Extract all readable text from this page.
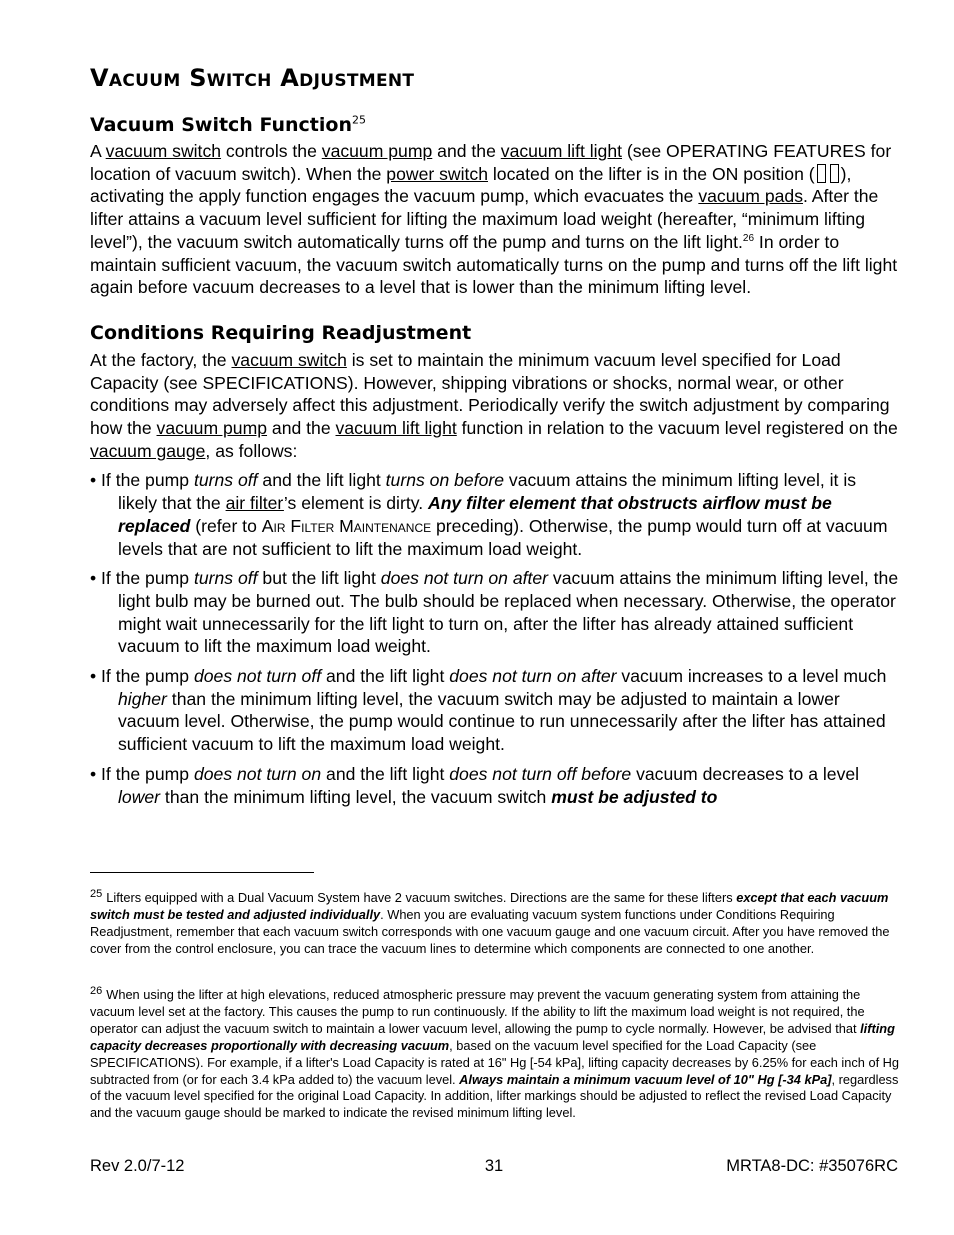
Vacuum Switch Adjustment
Vacuum Switch Function$^{25}$

A vacuum switch controls the vacuum pump and the vacuum lift light (see OPERATING FEATURES for location of vacuum switch). When the power switch located on the lifter is in the ON position ( ), activating the apply function engages the vacuum pump, which evacuates the vacuum pads. After the lifter attains a vacuum level sufficient for lifting the maximum load weight (hereafter, “minimum lifting level”), the vacuum switch automatically turns off the pump and turns on the lift light.$^{26}$ In order to maintain sufficient vacuum, the vacuum switch automatically turns on the pump and turns off the lift light again before vacuum decreases to a level that is lower than the minimum lifting level.

Conditions Requiring Readjustment

At the factory, the vacuum switch is set to maintain the minimum vacuum level specified for Load Capacity (see SPECIFICATIONS). However, shipping vibrations or shocks, normal wear, or other conditions may adversely affect this adjustment. Periodically verify the switch adjustment by comparing how the vacuum pump and the vacuum lift light function in relation to the vacuum level registered on the vacuum gauge, as follows:

• If the pump turns off and the lift light turns on before vacuum attains the minimum lifting level, it is likely that the air filter’s element is dirty. Any filter element that obstructs airflow must be replaced (refer to Air Filter Maintenance preceding). Otherwise, the pump would turn off at vacuum levels that are not sufficient to lift the maximum load weight.

• If the pump turns off but the lift light does not turn on after vacuum attains the minimum lifting level, the light bulb may be burned out. The bulb should be replaced when necessary. Otherwise, the operator might wait unnecessarily for the lift light to turn on, after the lifter has already attained sufficient vacuum to lift the maximum load weight.

• If the pump does not turn off and the lift light does not turn on after vacuum increases to a level much higher than the minimum lifting level, the vacuum switch may be adjusted to maintain a lower vacuum level. Otherwise, the pump would continue to run unnecessarily after the lifter has attained sufficient vacuum to lift the maximum load weight.

• If the pump does not turn on and the lift light does not turn off before vacuum decreases to a level lower than the minimum lifting level, the vacuum switch must be adjusted to

25 Lifters equipped with a Dual Vacuum System have 2 vacuum switches. Directions are the same for these lifters except that each vacuum switch must be tested and adjusted individually. When you are evaluating vacuum system functions under Conditions Requiring Readjustment, remember that each vacuum switch corresponds with one vacuum gauge and one vacuum circuit. After you have removed the cover from the control enclosure, you can trace the vacuum lines to determine which components are connected to one another.
26 When using the lifter at high elevations, reduced atmospheric pressure may prevent the vacuum generating system from attaining the vacuum level set at the factory. This causes the pump to run continuously. If the ability to lift the maximum load weight is not required, the operator can adjust the vacuum switch to maintain a lower vacuum level, allowing the pump to cycle normally. However, be advised that lifting capacity decreases proportionally with decreasing vacuum, based on the vacuum level specified for the Load Capacity (see SPECIFICATIONS). For example, if a lifter's Load Capacity is rated at 16" Hg [-54 kPa], lifting capacity decreases by 6.25% for each inch of Hg subtracted from (or for each 3.4 kPa added to) the vacuum level. Always maintain a minimum vacuum level of 10" Hg [-34 kPa], regardless of the vacuum level specified for the original Load Capacity. In addition, lifter markings should be adjusted to reflect the revised Load Capacity and the vacuum gauge should be marked to indicate the revised minimum lifting level.
Rev 2.0/7-12	31	MRTA8-DC: #35076RC
